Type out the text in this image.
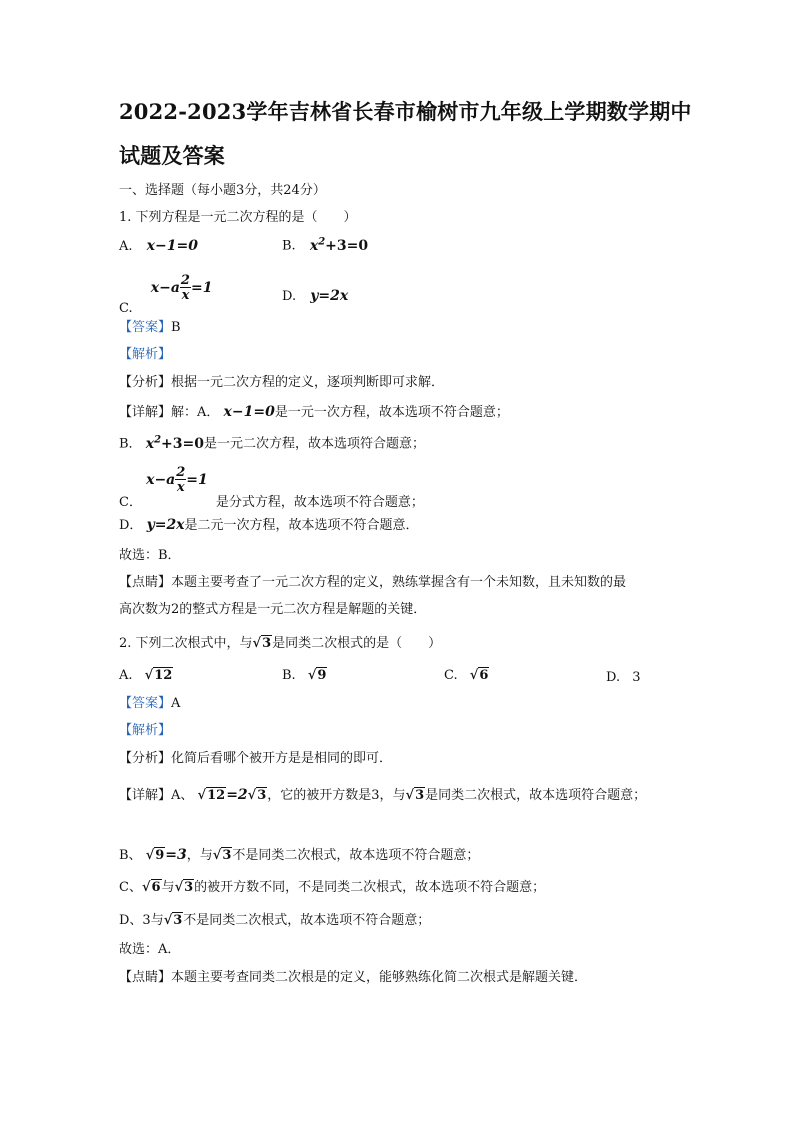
2022-2023学年吉林省长春市榆树市九年级上学期数学期中
试题及答案
一、选择题（每小题3分，共24分）
1. 下列方程是一元二次方程的是（　　）
A. x−1=0	B. $x^2+3=0$
C. $x-a \frac{2}{x} =1$
D. y=2x
【答案】B
【解析】
【分析】根据一元二次方程的定义，逐项判断即可求解．
【详解】解：A． x−1=0是一元一次方程，故本选项不符合题意；
B． $x^2+3=0$是一元二次方程，故本选项符合题意；
C． $x-a \frac{2}{x} =1$ 是分式方程，故本选项不符合题意；
D． y=2x是二元一次方程，故本选项不符合题意．
故选：B．
【点睛】本题主要考查了一元二次方程的定义，熟练掌握含有一个未知数，且未知数的最
高次数为2的整式方程是一元二次方程是解题的关键．
2. 下列二次根式中，与√3是同类二次根式的是（　　）
A. √12	B. √9	C. √6	D. 3
【答案】A
【解析】
【分析】化简后看哪个被开方是是相同的即可．
【详解】A、 √12=2√3，它的被开方数是3，与√3是同类二次根式，故本选项符合题意；
B、 √9=3，与√3不是同类二次根式，故本选项不符合题意；
C、√6与√3的被开方数不同，不是同类二次根式，故本选项不符合题意；
D、3与√3不是同类二次根式，故本选项不符合题意；
故选：A．
【点睛】本题主要考查同类二次根是的定义，能够熟练化简二次根式是解题关键．
